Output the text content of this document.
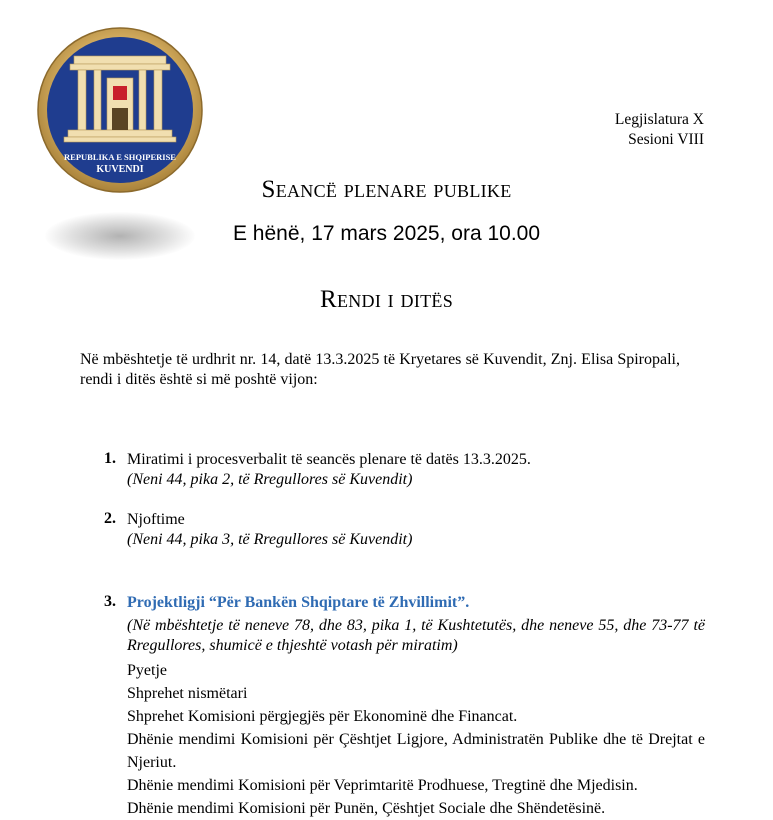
REPUBLIKA E SHQIPERISE
KUVENDI
Legjislatura X
Sesioni VIII
Seancë plenare publike
E hënë, 17 mars 2025, ora 10.00
Rendi i ditës
Në mbështetje të urdhrit nr. 14, datë 13.3.2025 të Kryetares së Kuvendit, Znj. Elisa Spiropali, rendi i ditës është si më poshtë vijon:
1. Miratimi i procesverbalit të seancës plenare të datës 13.3.2025.
(Neni 44, pika 2, të Rregullores së Kuvendit)
2. Njoftime
(Neni 44, pika 3, të Rregullores së Kuvendit)
3. Projektligji “Për Bankën Shqiptare të Zhvillimit”.
(Në mbështetje të neneve 78, dhe 83, pika 1, të Kushtetutës, dhe neneve 55, dhe 73-77 të Rregullores, shumicë e thjeshtë votash për miratim)
Pyetje
Shprehet nismëtari
Shprehet Komisioni përgjegjës për Ekonominë dhe Financat.
Dhënie mendimi Komisioni për Çështjet Ligjore, Administratën Publike dhe të Drejtat e Njeriut.
Dhënie mendimi Komisioni për Veprimtaritë Prodhuese, Tregtinë dhe Mjedisin.
Dhënie mendimi Komisioni për Punën, Çështjet Sociale dhe Shëndetësinë.
